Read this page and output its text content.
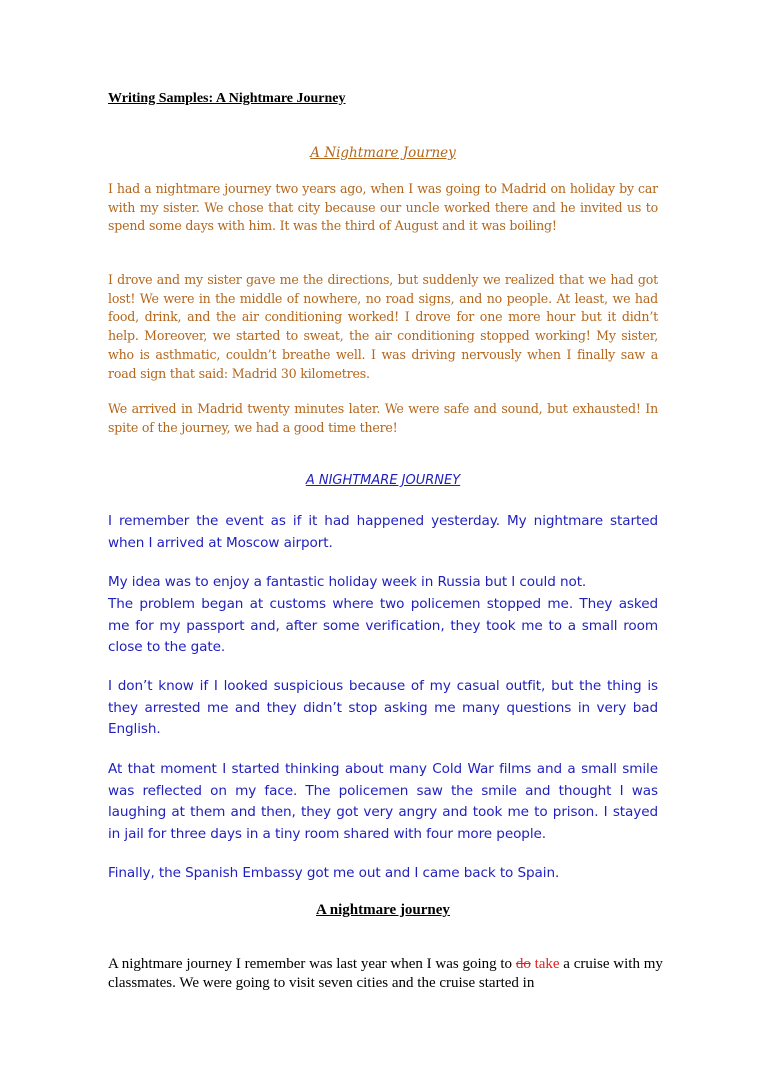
Writing Samples: A Nightmare Journey
A Nightmare Journey

I had a nightmare journey two years ago, when I was going to Madrid on holiday by car with my sister. We chose that city because our uncle worked there and he invited us to spend some days with him. It was the third of August and it was boiling!

I drove and my sister gave me the directions, but suddenly we realized that we had got lost! We were in the middle of nowhere, no road signs, and no people. At least, we had food, drink, and the air conditioning worked! I drove for one more hour but it didn’t help. Moreover, we started to sweat, the air conditioning stopped working! My sister, who is asthmatic, couldn’t breathe well. I was driving nervously when I finally saw a road sign that said: Madrid 30 kilometres.

We arrived in Madrid twenty minutes later. We were safe and sound, but exhausted! In spite of the journey, we had a good time there!

A NIGHTMARE JOURNEY

I remember the event as if it had happened yesterday. My nightmare started when I arrived at Moscow airport.

My idea was to enjoy a fantastic holiday week in Russia but I could not.

The problem began at customs where two policemen stopped me. They asked me for my passport and, after some verification, they took me to a small room close to the gate.

I don’t know if I looked suspicious because of my casual outfit, but the thing is they arrested me and they didn’t stop asking me many questions in very bad English.

At that moment I started thinking about many Cold War films and a small smile was reflected on my face. The policemen saw the smile and thought I was laughing at them and then, they got very angry and took me to prison. I stayed in jail for three days in a tiny room shared with four more people.

Finally, the Spanish Embassy got me out and I came back to Spain.

A nightmare journey

A nightmare journey I remember was last year when I was going to do take a cruise with my classmates. We were going to visit seven cities and the cruise started in
